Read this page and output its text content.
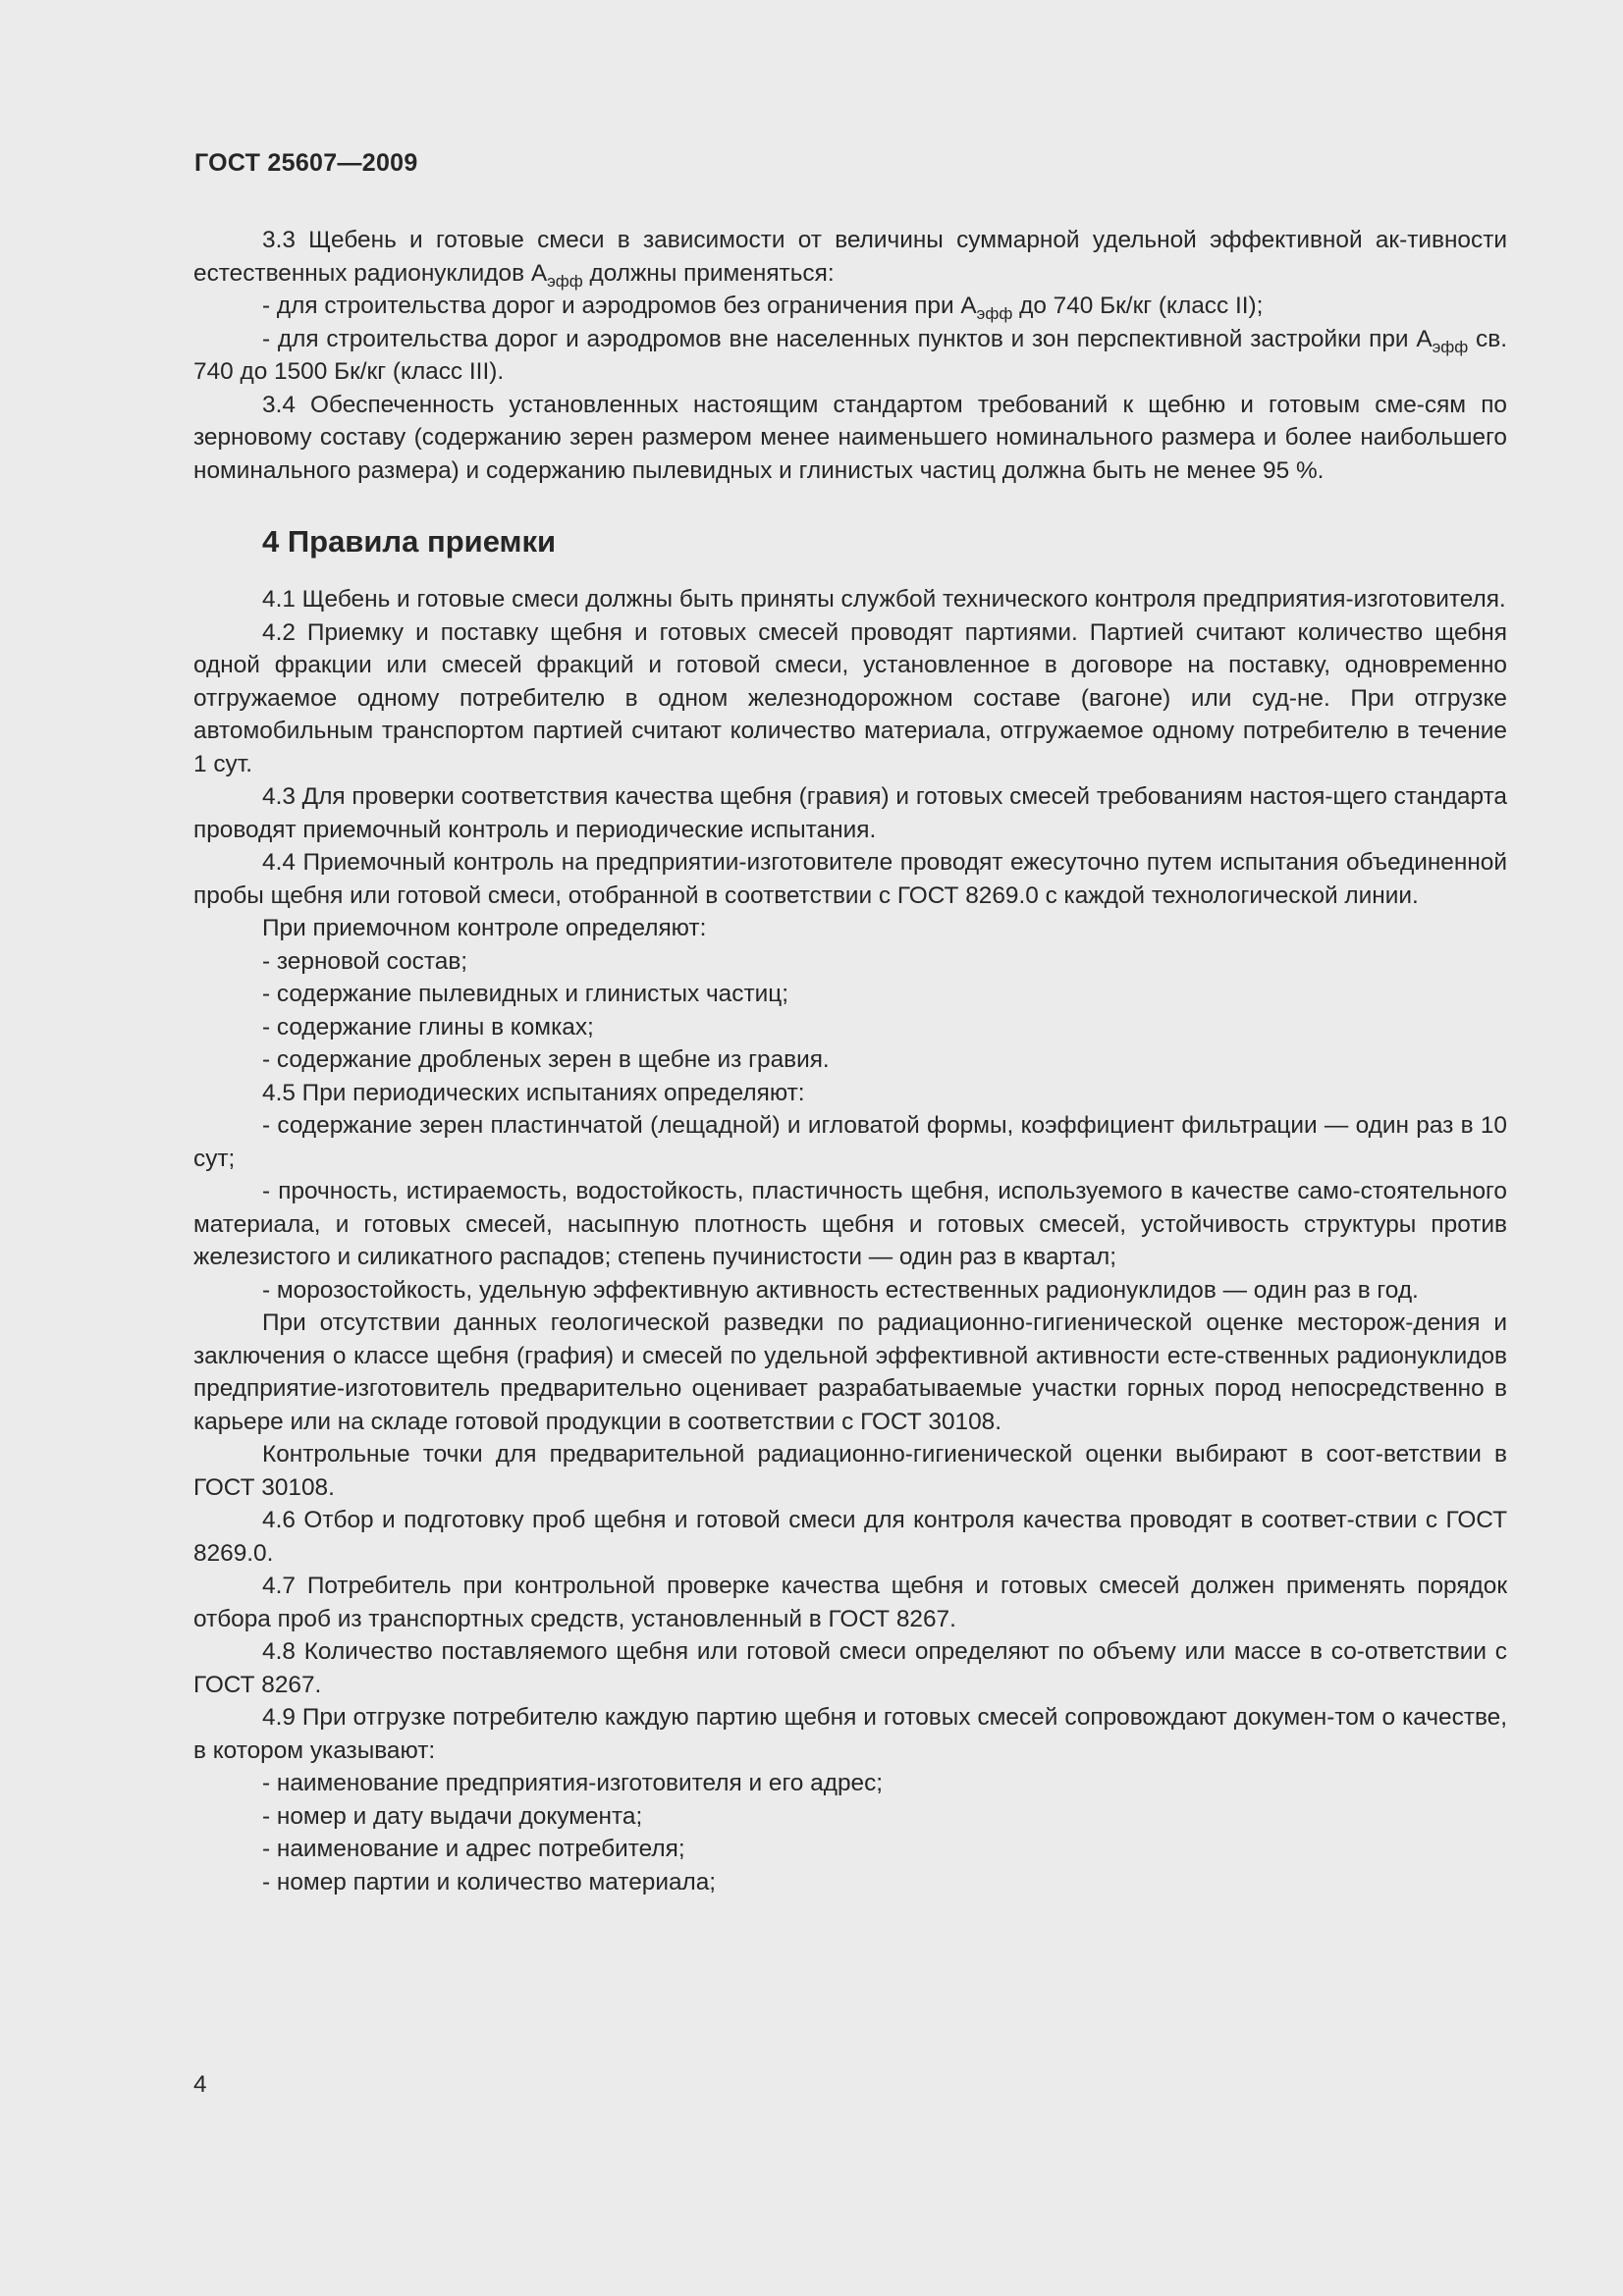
ГОСТ 25607—2009

3.3 Щебень и готовые смеси в зависимости от величины суммарной удельной эффективной ак-тивности естественных радионуклидов $A_{эфф}$ должны применяться:

- для строительства дорог и аэродромов без ограничения при $A_{эфф}$ до 740 Бк/кг (класс II);

- для строительства дорог и аэродромов вне населенных пунктов и зон перспективной застройки при $A_{эфф}$ св. 740 до 1500 Бк/кг (класс III).

3.4 Обеспеченность установленных настоящим стандартом требований к щебню и готовым сме-сям по зерновому составу (содержанию зерен размером менее наименьшего номинального размера и более наибольшего номинального размера) и содержанию пылевидных и глинистых частиц должна быть не менее 95 %.

4 Правила приемки

4.1 Щебень и готовые смеси должны быть приняты службой технического контроля предприятия-изготовителя.

4.2 Приемку и поставку щебня и готовых смесей проводят партиями. Партией считают количество щебня одной фракции или смесей фракций и готовой смеси, установленное в договоре на поставку, одновременно отгружаемое одному потребителю в одном железнодорожном составе (вагоне) или суд-не. При отгрузке автомобильным транспортом партией считают количество материала, отгружаемое одному потребителю в течение 1 сут.

4.3 Для проверки соответствия качества щебня (гравия) и готовых смесей требованиям настоя-щего стандарта проводят приемочный контроль и периодические испытания.

4.4 Приемочный контроль на предприятии-изготовителе проводят ежесуточно путем испытания объединенной пробы щебня или готовой смеси, отобранной в соответствии с ГОСТ 8269.0 с каждой технологической линии.

При приемочном контроле определяют:

- зерновой состав;

- содержание пылевидных и глинистых частиц;

- содержание глины в комках;

- содержание дробленых зерен в щебне из гравия.

4.5 При периодических испытаниях определяют:

- содержание зерен пластинчатой (лещадной) и игловатой формы, коэффициент фильтрации — один раз в 10 сут;

- прочность, истираемость, водостойкость, пластичность щебня, используемого в качестве само-стоятельного материала, и готовых смесей, насыпную плотность щебня и готовых смесей, устойчивость структуры против железистого и силикатного распадов; степень пучинистости — один раз в квартал;

- морозостойкость, удельную эффективную активность естественных радионуклидов — один раз в год.

При отсутствии данных геологической разведки по радиационно-гигиенической оценке месторож-дения и заключения о классе щебня (графия) и смесей по удельной эффективной активности есте-ственных радионуклидов предприятие-изготовитель предварительно оценивает разрабатываемые участки горных пород непосредственно в карьере или на складе готовой продукции в соответствии с ГОСТ 30108.

Контрольные точки для предварительной радиационно-гигиенической оценки выбирают в соот-ветствии в ГОСТ 30108.

4.6 Отбор и подготовку проб щебня и готовой смеси для контроля качества проводят в соответ-ствии с ГОСТ 8269.0.

4.7 Потребитель при контрольной проверке качества щебня и готовых смесей должен применять порядок отбора проб из транспортных средств, установленный в ГОСТ 8267.

4.8 Количество поставляемого щебня или готовой смеси определяют по объему или массе в со-ответствии с ГОСТ 8267.

4.9 При отгрузке потребителю каждую партию щебня и готовых смесей сопровождают докумен-том о качестве, в котором указывают:

- наименование предприятия-изготовителя и его адрес;

- номер и дату выдачи документа;

- наименование и адрес потребителя;

- номер партии и количество материала;

4
